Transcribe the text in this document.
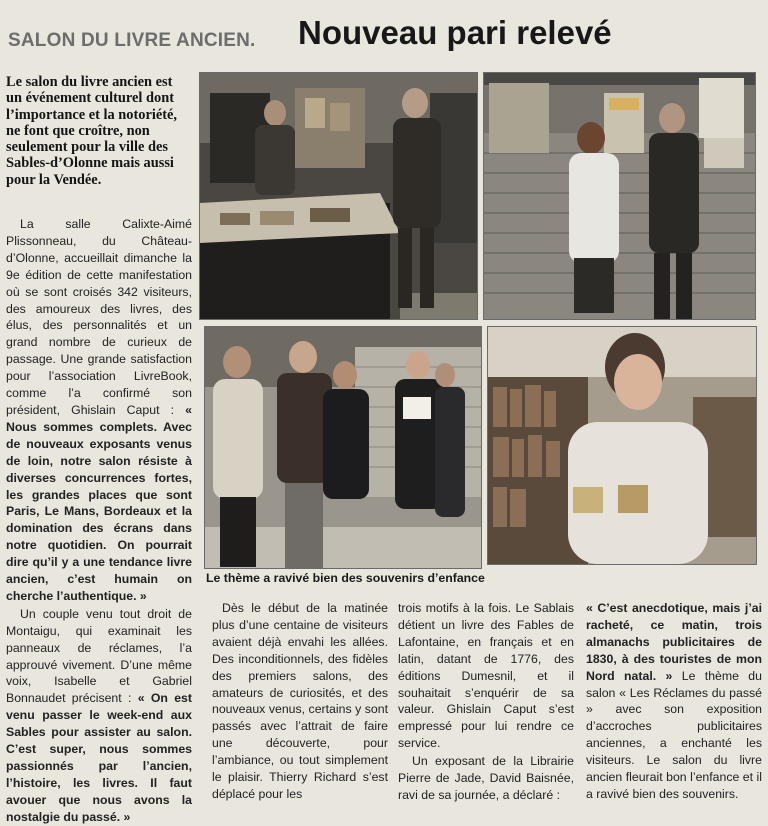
SALON DU LIVRE ANCIEN. Nouveau pari relevé

Le salon du livre ancien est un événement culturel dont l’importance et la notoriété, ne font que croître, non seulement pour la ville des Sables-d’Olonne mais aussi pour la Vendée.

La salle Calixte-Aimé Plissonneau, du Château-d’Olonne, accueillait dimanche la 9e édition de cette manifestation où se sont croisés 342 visiteurs, des amoureux des livres, des élus, des personnalités et un grand nombre de curieux de passage. Une grande satisfaction pour l’association LivreBook, comme l’a confirmé son président, Ghislain Caput : « Nous sommes complets. Avec de nouveaux exposants venus de loin, notre salon résiste à diverses concurrences fortes, les grandes places que sont Paris, Le Mans, Bordeaux et la domination des écrans dans notre quotidien. On pourrait dire qu’il y a une tendance livre ancien, c’est humain on cherche l’authentique. »

Un couple venu tout droit de Montaigu, qui examinait les panneaux de réclames, l’a approuvé vivement. D’une même voix, Isabelle et Gabriel Bonnaudet précisent : « On est venu passer le week-end aux Sables pour assister au salon. C’est super, nous sommes passionnés par l’ancien, l’histoire, les livres. Il faut avouer que nous avons la nostalgie du passé. »

Le thème a ravivé bien des souvenirs d’enfance

Dès le début de la matinée plus d’une centaine de visiteurs avaient déjà envahi les allées. Des inconditionnels, des fidèles des premiers salons, des amateurs de curiosités, et des nouveaux venus, certains y sont passés avec l’attrait de faire une découverte, pour l’ambiance, ou tout simplement le plaisir. Thierry Richard s’est déplacé pour les

trois motifs à la fois. Le Sablais détient un livre des Fables de Lafontaine, en français et en latin, datant de 1776, des éditions Dumesnil, et il souhaitait s’enquérir de sa valeur. Ghislain Caput s’est empressé pour lui rendre ce service.

Un exposant de la Librairie Pierre de Jade, David Baisnée, ravi de sa journée, a déclaré :

« C’est anecdotique, mais j’ai racheté, ce matin, trois almanachs publicitaires de 1830, à des touristes de mon Nord natal. » Le thème du salon « Les Réclames du passé » avec son exposition d’accroches publicitaires anciennes, a enchanté les visiteurs. Le salon du livre ancien fleurait bon l’enfance et il a ravivé bien des souvenirs.
